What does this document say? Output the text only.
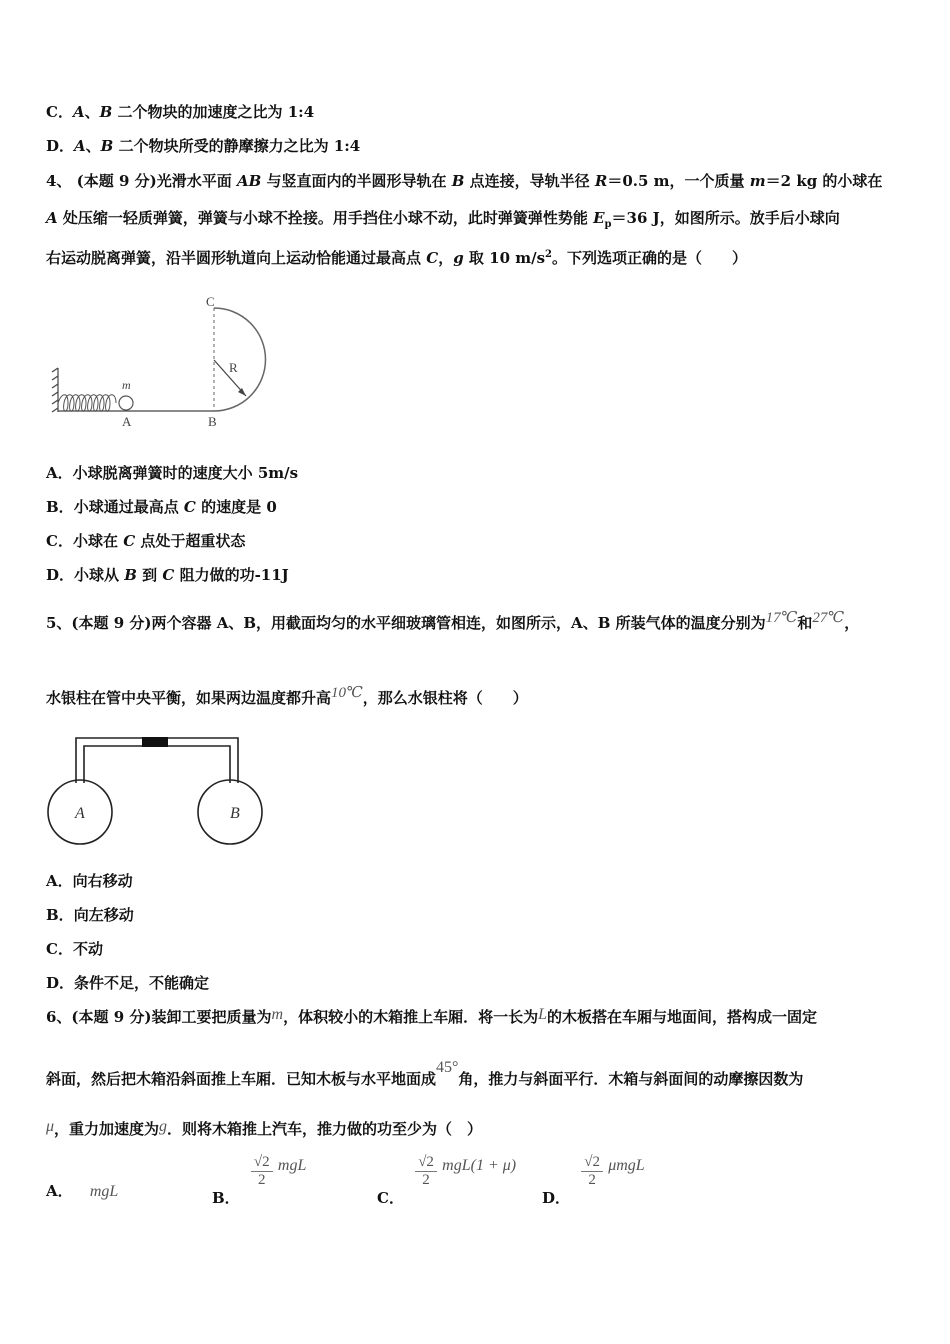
C．A、B 二个物块的加速度之比为 1:4
D．A、B 二个物块所受的静摩擦力之比为 1:4
4、 (本题 9 分)光滑水平面 AB 与竖直面内的半圆形导轨在 B 点连接，导轨半径 R＝0.5 m，一个质量 m＝2 kg 的小球在
A 处压缩一轻质弹簧，弹簧与小球不拴接。用手挡住小球不动，此时弹簧弹性势能 $E_p=36$ J，如图所示。放手后小球向
右运动脱离弹簧，沿半圆形轨道向上运动恰能通过最高点 C，g 取 10 $m/s^2$。下列选项正确的是（　　）
C
R
m
A	B
A．小球脱离弹簧时的速度大小 5m/s
B．小球通过最高点 C 的速度是 0
C．小球在 C 点处于超重状态
D．小球从 B 到 C 阻力做的功-11J
5、(本题 9 分)两个容器 A、B，用截面均匀的水平细玻璃管相连，如图所示，A、B 所装气体的温度分别为17℃和27℃，
水银柱在管中央平衡，如果两边温度都升高10℃，那么水银柱将（　　）
A	B
A．向右移动
B．向左移动
C．不动
D．条件不足，不能确定
6、(本题 9 分)装卸工要把质量为m，体积较小的木箱推上车厢．将一长为L的木板搭在车厢与地面间，搭构成一固定
斜面，然后把木箱沿斜面推上车厢．已知木板与水平地面成45°角，推力与斜面平行．木箱与斜面间的动摩擦因数为
μ，重力加速度为g．则将木箱推上汽车，推力做的功至少为（　）
A． mgL	B．
$\frac{√2}{2}$ mgL
C．
$\frac{√2}{2} mgL(1 + \mu)$
D．
$\frac{√2}{2}$ μmgL
